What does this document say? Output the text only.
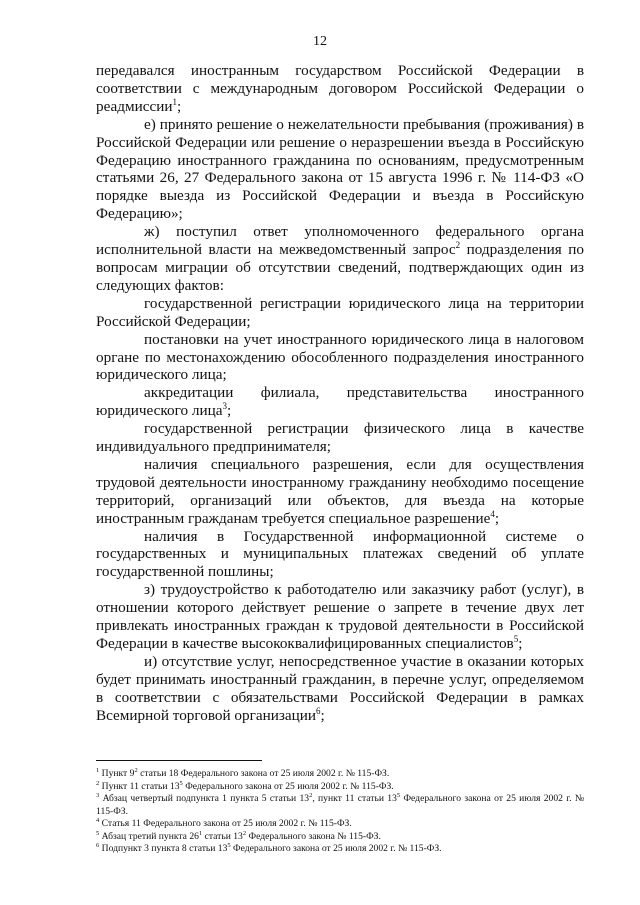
12

передавался иностранным государством Российской Федерации в соответствии с международным договором Российской Федерации о реадмиссии$^1$;

е) принято решение о нежелательности пребывания (проживания) в Российской Федерации или решение о неразрешении въезда в Российскую Федерацию иностранного гражданина по основаниям, предусмотренным статьями 26, 27 Федерального закона от 15 августа 1996 г. № 114-ФЗ «О порядке выезда из Российской Федерации и въезда в Российскую Федерацию»;

ж) поступил ответ уполномоченного федерального органа исполнительной власти на межведомственный запрос$^2$ подразделения по вопросам миграции об отсутствии сведений, подтверждающих один из следующих фактов:

государственной регистрации юридического лица на территории Российской Федерации;

постановки на учет иностранного юридического лица в налоговом органе по местонахождению обособленного подразделения иностранного юридического лица;

аккредитации филиала, представительства иностранного юридического лица$^3$;

государственной регистрации физического лица в качестве индивидуального предпринимателя;

наличия специального разрешения, если для осуществления трудовой деятельности иностранному гражданину необходимо посещение территорий, организаций или объектов, для въезда на которые иностранным гражданам требуется специальное разрешение$^4$;

наличия в Государственной информационной системе о государственных и муниципальных платежах сведений об уплате государственной пошлины;

з) трудоустройство к работодателю или заказчику работ (услуг), в отношении которого действует решение о запрете в течение двух лет привлекать иностранных граждан к трудовой деятельности в Российской Федерации в качестве высококвалифицированных специалистов$^5$;

и) отсутствие услуг, непосредственное участие в оказании которых будет принимать иностранный гражданин, в перечне услуг, определяемом в соответствии с обязательствами Российской Федерации в рамках Всемирной торговой организации$^6$;

$^1$ Пункт $9^2$ статьи 18 Федерального закона от 25 июля 2002 г. № 115-ФЗ.

$^2$ Пункт 11 статьи $13^5$ Федерального закона от 25 июля 2002 г. № 115-ФЗ.

$^3$ Абзац четвертый подпункта 1 пункта 5 статьи $13^2$, пункт 11 статьи $13^5$ Федерального закона от 25 июля 2002 г. № 115-ФЗ.

$^4$ Статья 11 Федерального закона от 25 июля 2002 г. № 115-ФЗ.

$^5$ Абзац третий пункта $26^1$ статьи $13^2$ Федерального закона № 115-ФЗ.

$^6$ Подпункт 3 пункта 8 статьи $13^5$ Федерального закона от 25 июля 2002 г. № 115-ФЗ.
